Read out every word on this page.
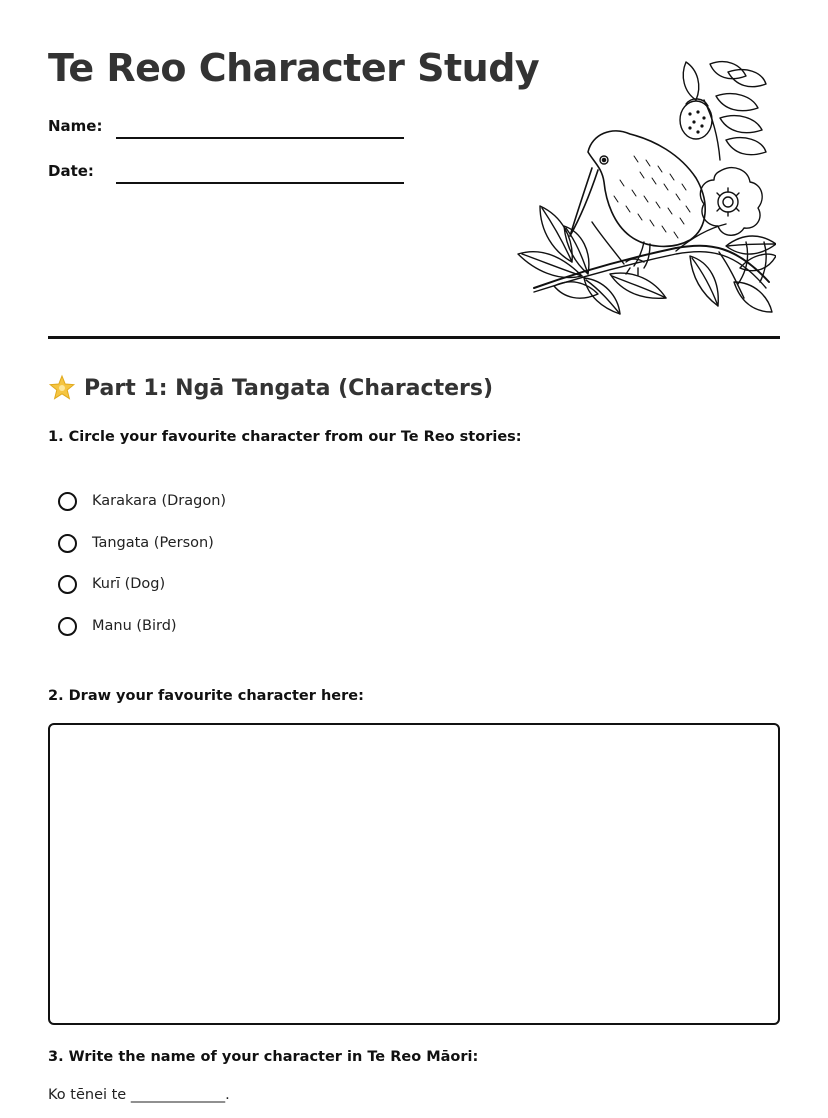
Te Reo Character Study
Name:
Date:
Part 1: Ngā Tangata (Characters)
1. Circle your favourite character from our Te Reo stories:
Karakara (Dragon)
Tangata (Person)
Kurī (Dog)
Manu (Bird)
2. Draw your favourite character here:
3. Write the name of your character in Te Reo Māori:
Ko tēnei te _____________.
